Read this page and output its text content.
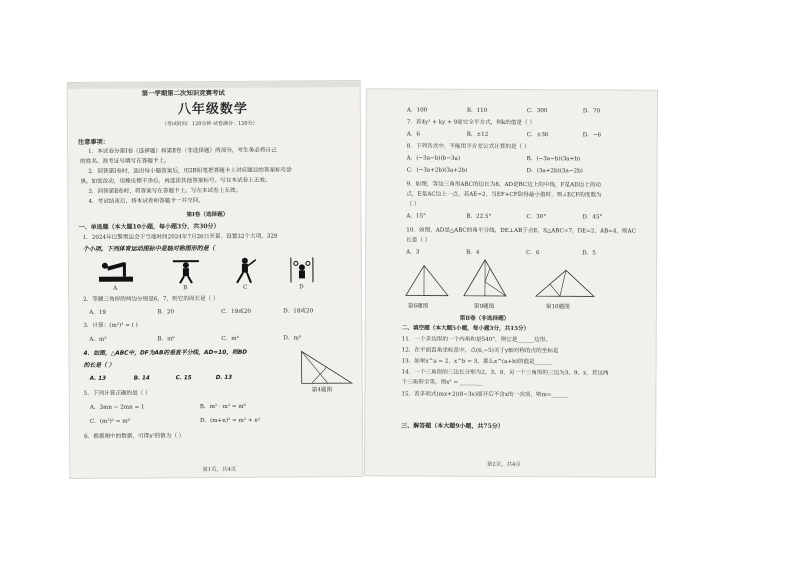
第一学期第二次知识竞赛考试
八年级数学
（考试时间：120分钟 试卷满分：120分）
注意事项：
1．本试卷分第Ⅰ卷（选择题）和第Ⅱ卷（非选择题）两部分，考生务必将自己
的姓名、准考证号填写在答题卡上。
2．回答第Ⅰ卷时，选出每小题答案后，用2B铅笔把答题卡上对应题目的答案标号涂
黑。如需改动，用橡皮擦干净后，再选涂其他答案标号。写在本试卷上无效。
3．回答第Ⅱ卷时，将答案写在答题卡上。写在本试卷上无效。
4．考试结束后，将本试卷和答题卡一并交回。
第Ⅰ卷（选择题）
一、单选题（本大题10小题，每小题3分，共30分）
1．2024年巴黎奥运会于当地时间2024年7月26日开幕，设置32个大项，329
个小项。下列体育运动图标中是轴对称图形的是（
A	B	C	D
2．等腰三角形的两边分别是6，7，则它的周长是（ ）
A．19	B．20	C．19或20	D．18或20
3．计算：(m²)³ = ( )
A．m⁵	B．m⁶	C．m⁸	D．m⁹
4．如图，△ABC中，DF为AB的垂直平分线，AD=10，则BD
的长是（ ）
A. 13	B. 14	C. 15	D. 13
第4题图
5．下列计算正确的是（ ）
A．3mn − 2mn = 1	B．m² · m³ = m⁶
C．(m³)² = m⁶	D．(m+n)² = m² + n²
6．根据图中的数据，可得x²的值为（ ）
第1页，共4页
A．100	B．110	C．300	D．70
7．若4y² + ky + 9是完全平方式，则k的值是（ ）
A．6	B．±12	C．±36	D．−6
8．下列各式中，不能用平方差公式计算的是（ ）
A．(−3a−b)(b−3a)	B．(−3a−b)(3a+b)
C．(−3a+2b)(3a+2b)	D．(3a+2b)(3a−2b)
9．如图，等边三角形ABC的边长为8，AD是BC边上的中线，F是AD边上的动
点，E是AC边上一点，若AE=2，当EF+CF取得最小值时，则∠ECF的度数为
（ ）
A．15°	B．22.5°	C．30°	D．45°
10．如图，AD是△ABC的角平分线，DE⊥AB于点E，S△ABC=7，DE=2，AB=4，则AC
长是（ ）
A．3	B．4	C．6	D．5
第6题图	第9题图	第10题图
第Ⅱ卷（非选择题）
二、填空题（本大题5小题，每小题3分，共15分）
11．一个多边形的一个内角和是540°，则它是______边形。
12．在平面直角坐标系中，点(6,−5)关于y轴对称的点的坐标是
13．如果x^a = 2，x^b = 3，那么x^(a+b)的值是______
14．一个三角形的三边长分别为2、3、9，另一个三角形的三边为3、9、x，若这两
个三角形全等，则x² = ________
15．若多项式(mx+2)(8−3x)展开后不含x的一次项，则m=______
三、解答题（本大题9小题，共75分）
第2页，共4页
